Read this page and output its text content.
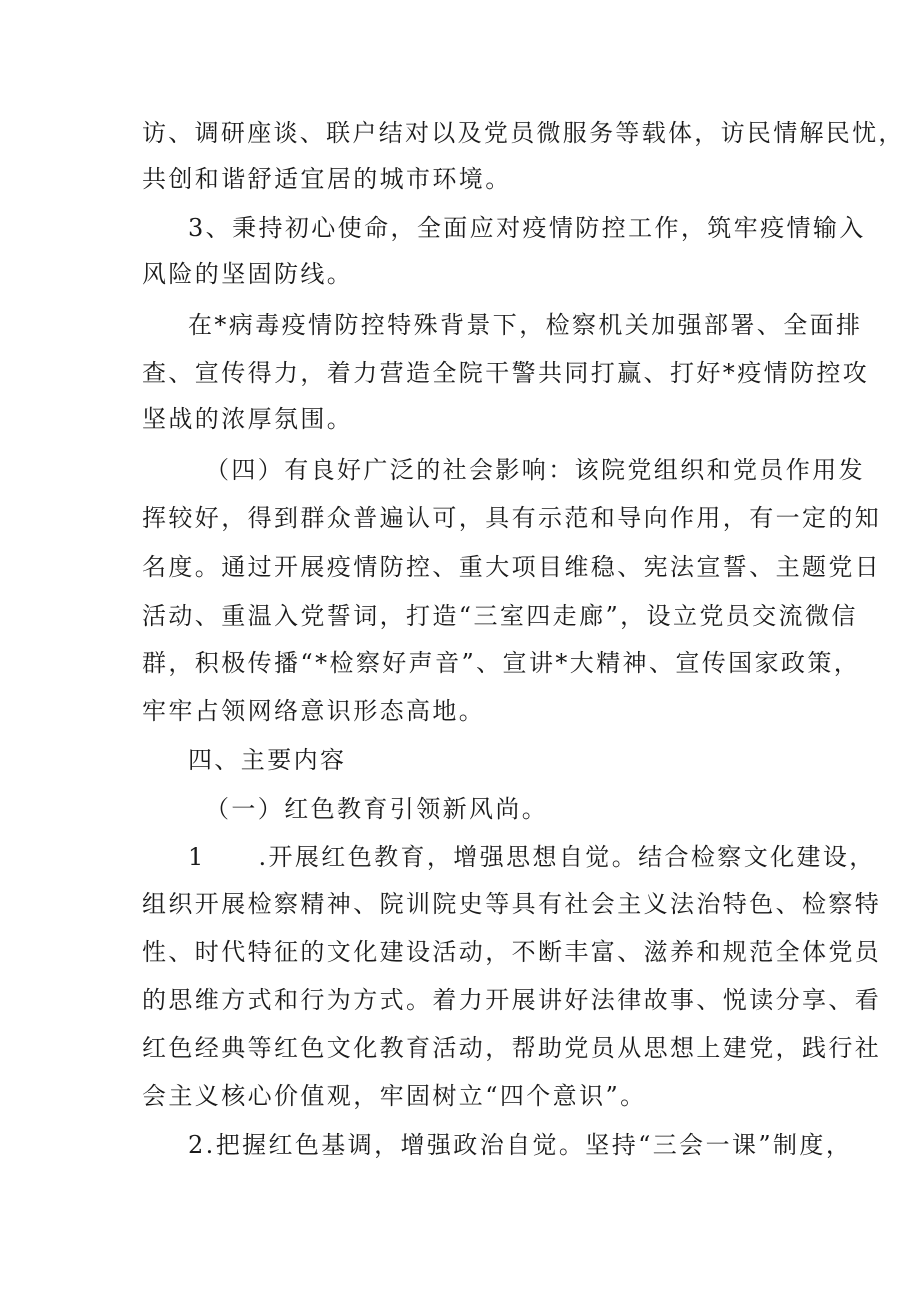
访、调研座谈、联户结对以及党员微服务等载体，访民情解民忧，
共创和谐舒适宜居的城市环境。
3、秉持初心使命，全面应对疫情防控工作，筑牢疫情输入
风险的坚固防线。
在*病毒疫情防控特殊背景下，检察机关加强部署、全面排
查、宣传得力，着力营造全院干警共同打赢、打好*疫情防控攻
坚战的浓厚氛围。
（四）有良好广泛的社会影响：该院党组织和党员作用发
挥较好，得到群众普遍认可，具有示范和导向作用，有一定的知
名度。通过开展疫情防控、重大项目维稳、宪法宣誓、主题党日
活动、重温入党誓词，打造“三室四走廊”，设立党员交流微信
群，积极传播“*检察好声音”、宣讲*大精神、宣传国家政策，
牢牢占领网络意识形态高地。
四、主要内容
（一）红色教育引领新风尚。
1　　.开展红色教育，增强思想自觉。结合检察文化建设，
组织开展检察精神、院训院史等具有社会主义法治特色、检察特
性、时代特征的文化建设活动，不断丰富、滋养和规范全体党员
的思维方式和行为方式。着力开展讲好法律故事、悦读分享、看
红色经典等红色文化教育活动，帮助党员从思想上建党，践行社
会主义核心价值观，牢固树立“四个意识”。
2.把握红色基调，增强政治自觉。坚持“三会一课”制度，
